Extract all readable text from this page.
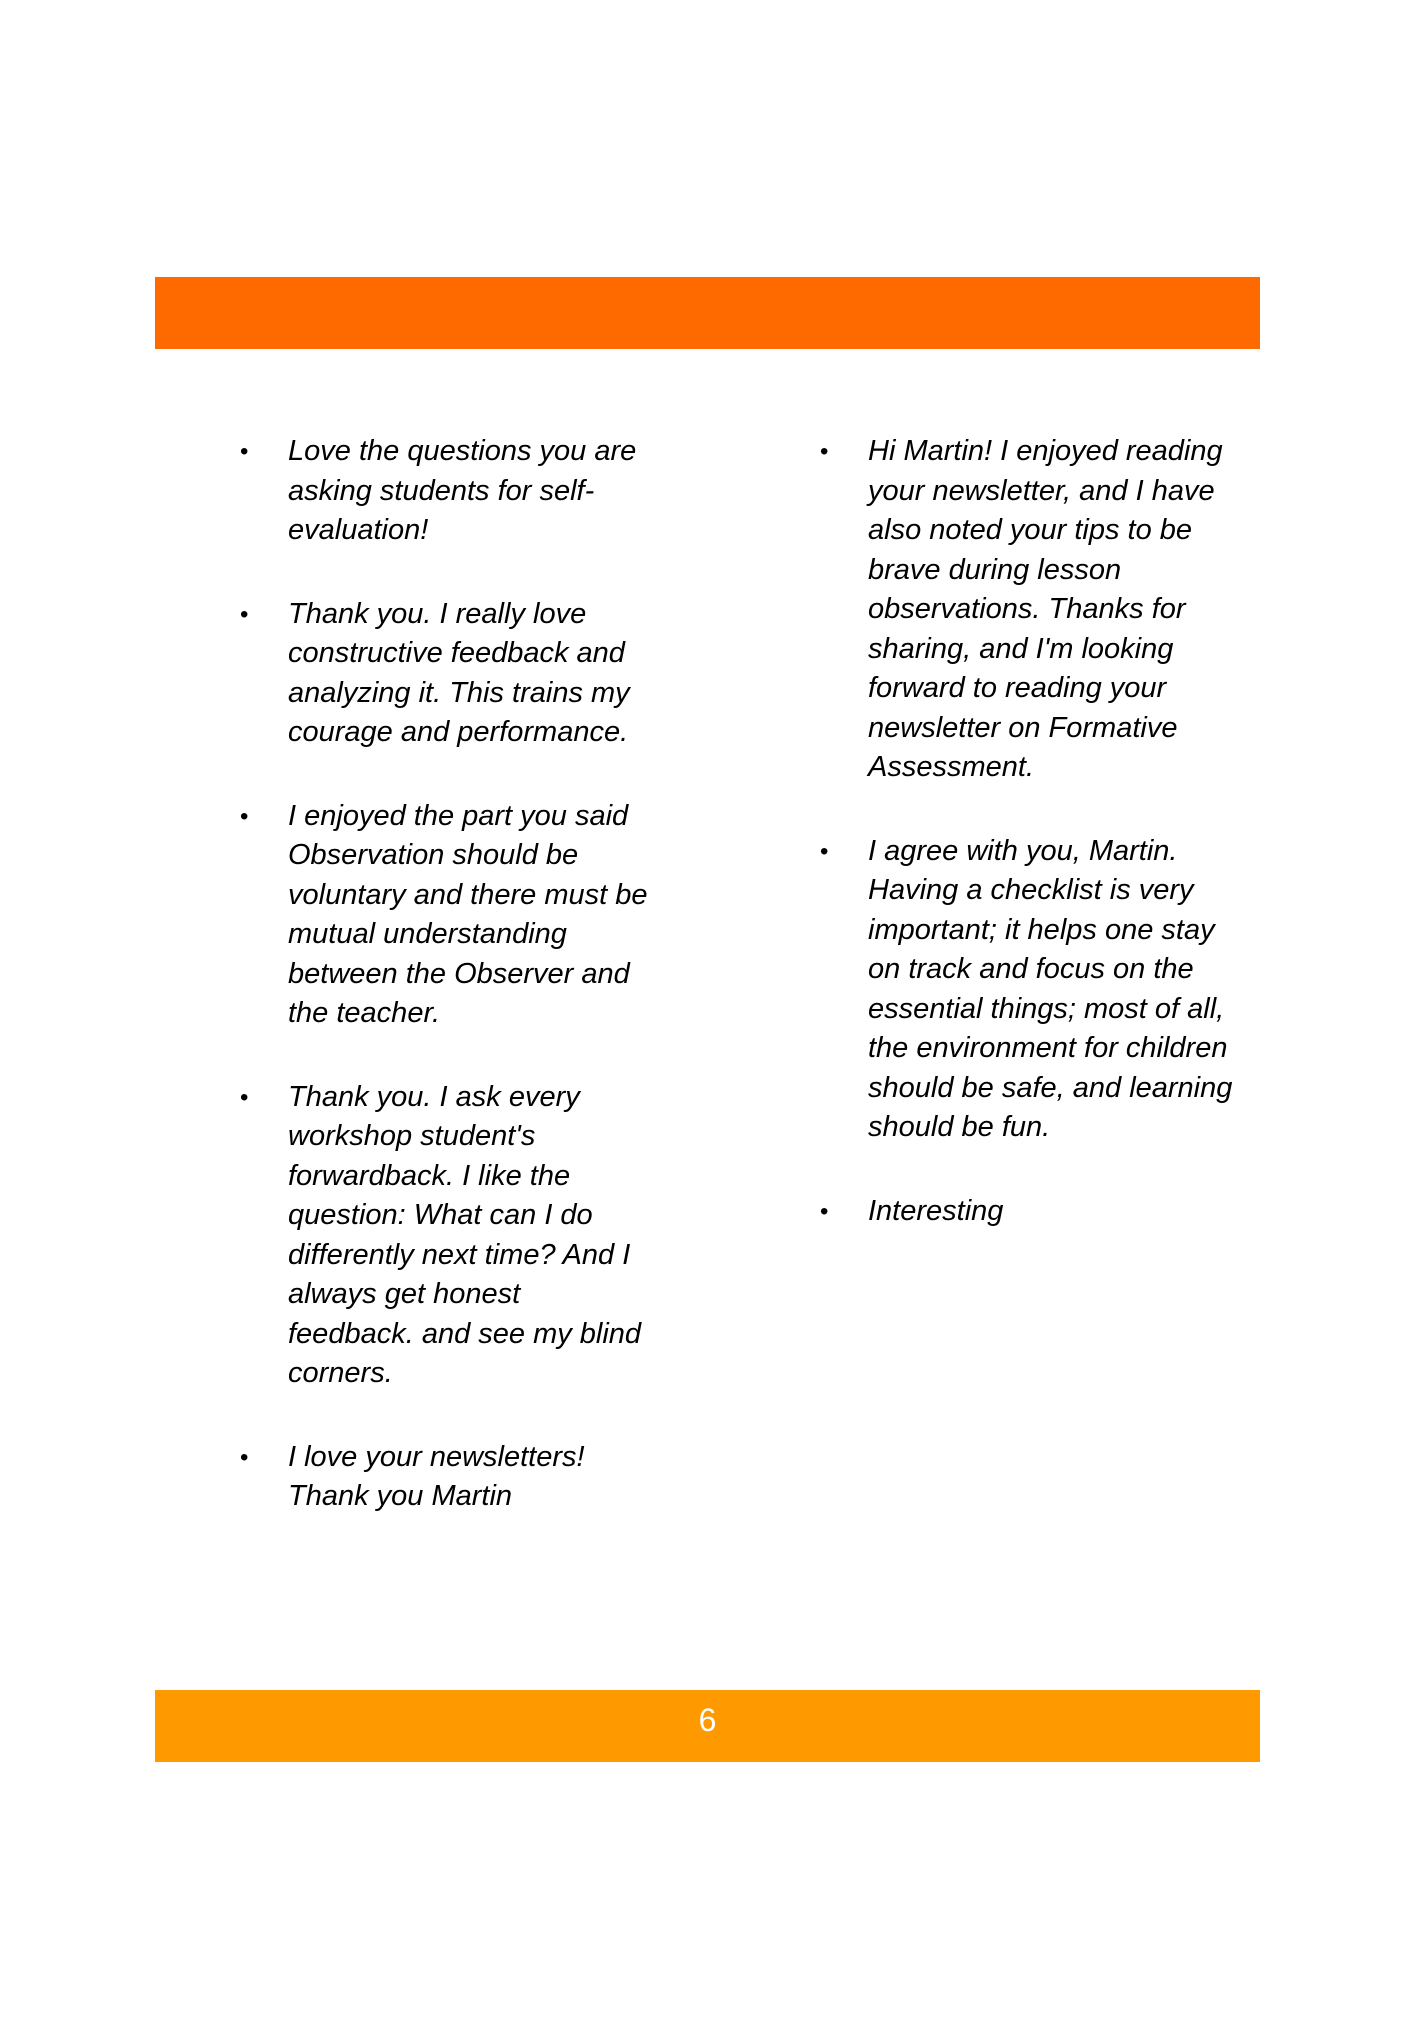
• Love the questions you are asking students for self-evaluation!
• Thank you. I really love constructive feedback and analyzing it. This trains my courage and performance.
• I enjoyed the part you said Observation should be voluntary and there must be mutual understanding between the Observer and the teacher.
• Thank you. I ask every workshop student's forwardback. I like the question: What can I do differently next time? And I always get honest feedback. and see my blind corners.
• I love your newsletters! Thank you Martin
• Hi Martin! I enjoyed reading your newsletter, and I have also noted your tips to be brave during lesson observations. Thanks for sharing, and I'm looking forward to reading your newsletter on Formative Assessment.
• I agree with you, Martin. Having a checklist is very important; it helps one stay on track and focus on the essential things; most of all, the environment for children should be safe, and learning should be fun.
• Interesting
6
